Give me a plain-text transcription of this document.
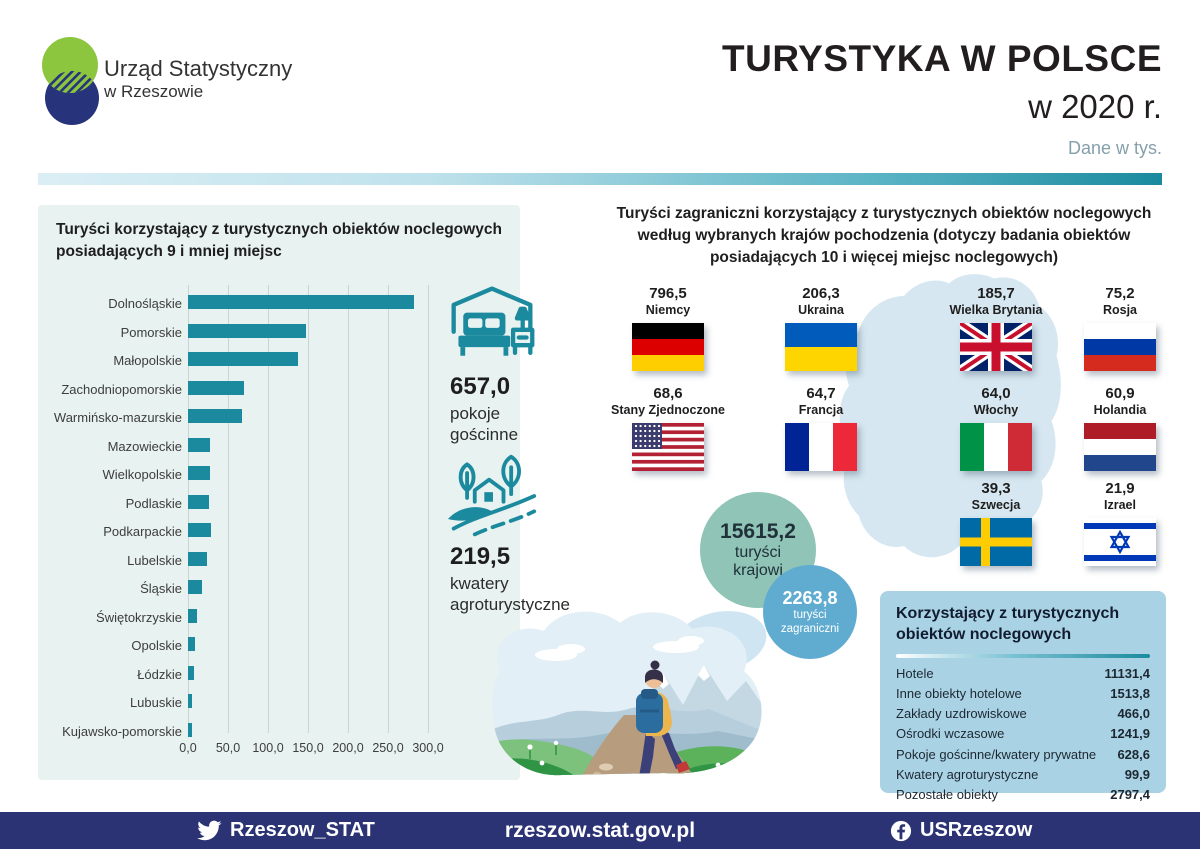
Urząd Statystyczny
w Rzeszowie
TURYSTYKA W POLSCE
w 2020 r.
Dane w tys.
Turyści korzystający z turystycznych obiektów noclegowych posiadających 9 i mniej miejsc
0,0	50,0 100,0 150,0 200,0 250,0 300,0
Dolnośląskie
Pomorskie
Małopolskie
Zachodniopomorskie
Warmińsko-mazurskie
Mazowieckie
Wielkopolskie
Podlaskie
Podkarpackie
Lubelskie
Śląskie
Świętokrzyskie
Opolskie
Łódzkie
Lubuskie
Kujawsko-pomorskie
657,0
pokoje gościnne
219,5
kwatery agroturystyczne
Turyści zagraniczni korzystający z turystycznych obiektów noclegowych według wybranych krajów pochodzenia (dotyczy badania obiektów posiadających 10 i więcej miejsc noclegowych)
796,5
Niemcy
206,3
Ukraina
185,7
Wielka Brytania
75,2
Rosja
68,6
Stany Zjednoczone
64,7
Francja
64,0
Włochy
60,9
Holandia
39,3
Szwecja
21,9
Izrael
15615,2
turyści krajowi
2263,8
turyści zagraniczni
Korzystający z turystycznych obiektów noclegowych
Hotele	11131,4
Inne obiekty hotelowe	1513,8
Zakłady uzdrowiskowe	466,0
Ośrodki wczasowe	1241,9
Pokoje gościnne/kwatery prywatne 628,6
Kwatery agroturystyczne	99,9
Pozostałe obiekty	2797,4
rzeszow.stat.gov.pl
Rzeszow_STAT	USRzeszow
